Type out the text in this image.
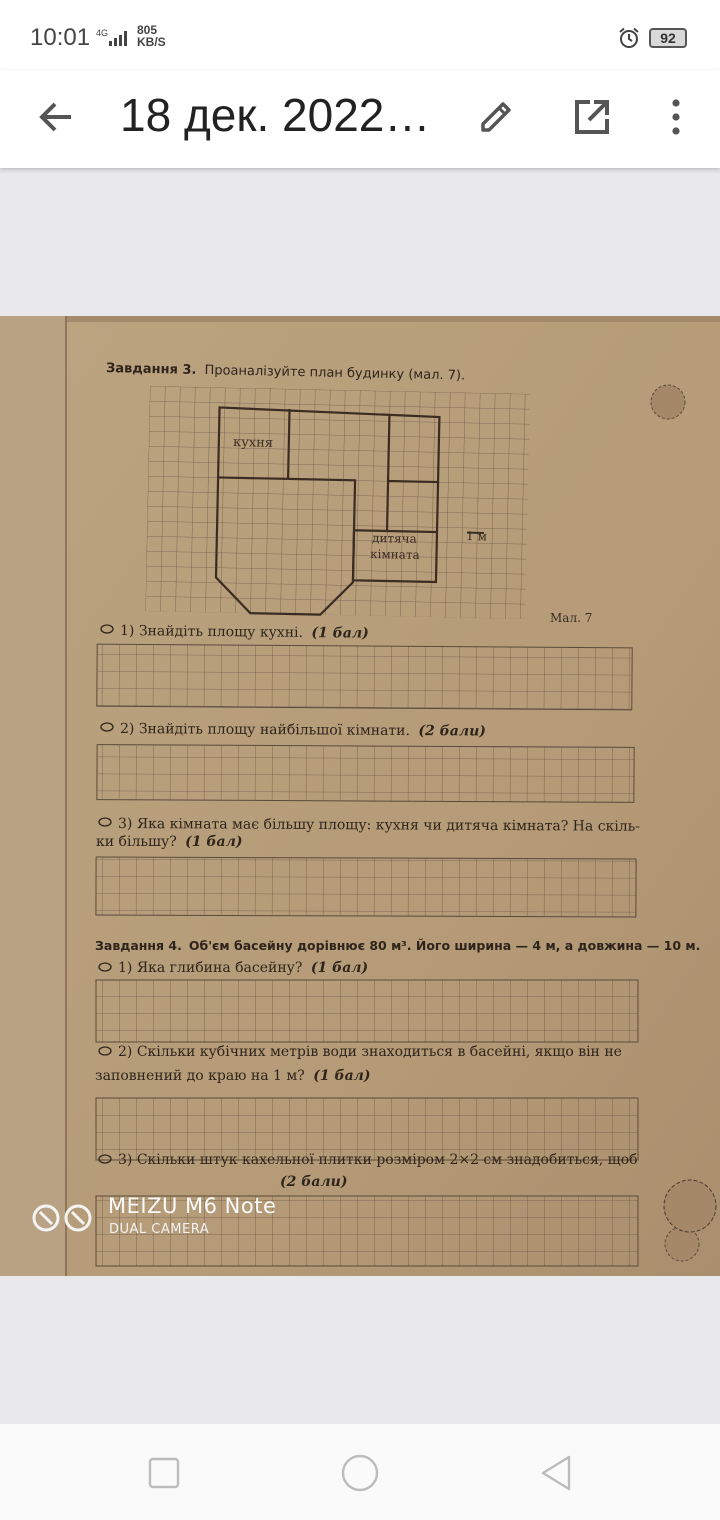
10:01 4G 805
KB/S	92
18 дек. 2022…
Завдання 3. Проаналізуйте план будинку (мал. 7).
кухня
дитяча
кімната
1 м
Мал. 7
1) Знайдіть площу кухні. (1 бал)
2) Знайдіть площу найбільшої кімнати. (2 бали)
3) Яка кімната має більшу площу: кухня чи дитяча кімната? На скіль-
ки більшу? (1 бал)
Завдання 4. Об'єм басейну дорівнює 80 м³. Його ширина — 4 м, а довжина — 10 м.
1) Яка глибина басейну? (1 бал)
2) Скільки кубічних метрів води знаходиться в басейні, якщо він не
заповнений до краю на 1 м? (1 бал)
3) Скільки штук кахельної плитки розміром 2×2 см знадобиться, щоб
(2 бали)
MEIZU M6 Note
DUAL CAMERA
